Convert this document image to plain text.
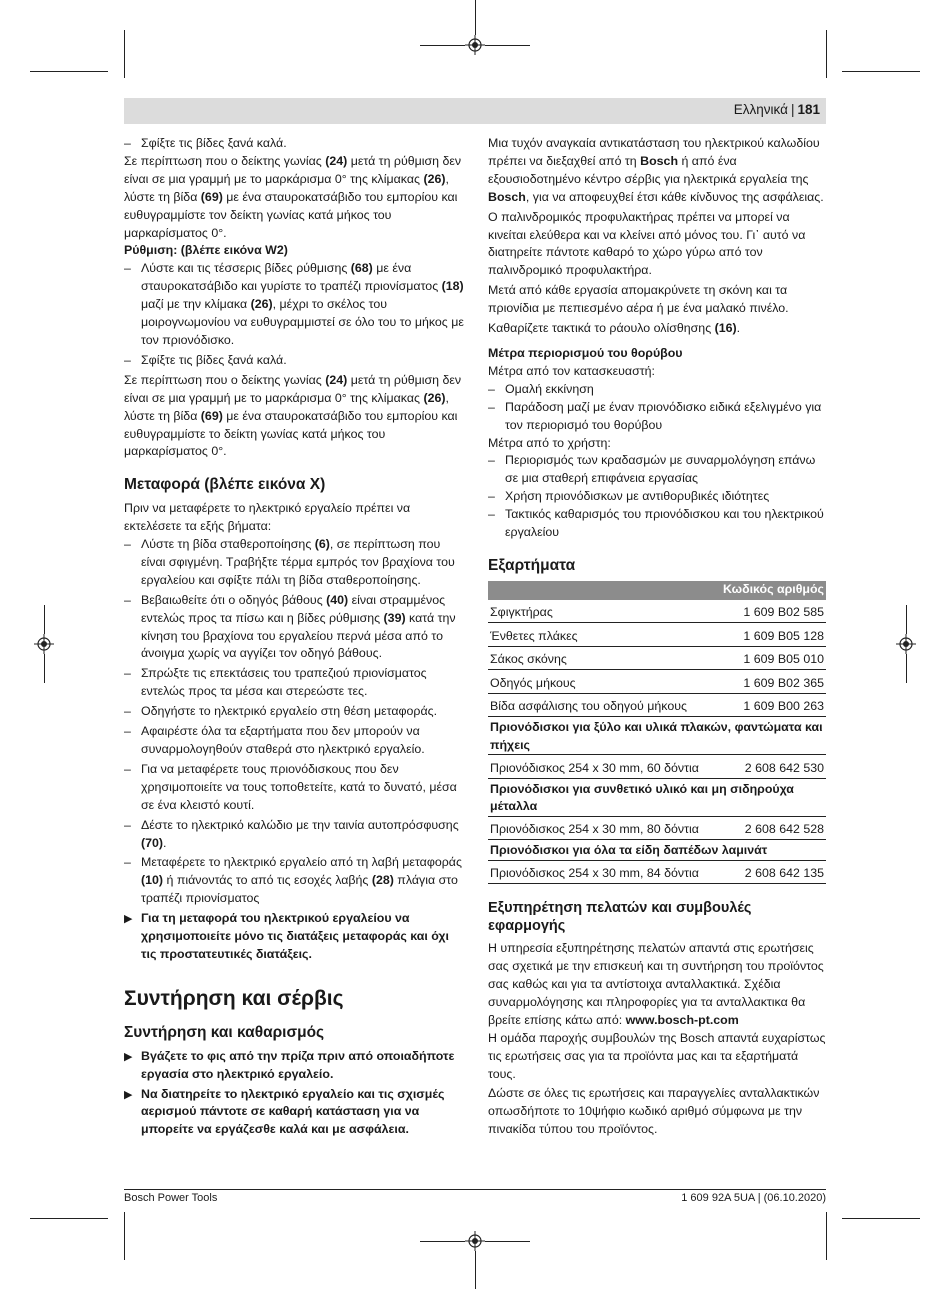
Ελληνικά | 181

– Σφίξτε τις βίδες ξανά καλά.

Σε περίπτωση που ο δείκτης γωνίας (24) μετά τη ρύθμιση δεν είναι σε μια γραμμή με το μαρκάρισμα 0° της κλίμακας (26), λύστε τη βίδα (69) με ένα σταυροκατσάβιδο του εμπορίου και ευθυγραμμίστε τον δείκτη γωνίας κατά μήκος του μαρκαρίσματος 0°.

Ρύθμιση: (βλέπε εικόνα W2)

– Λύστε και τις τέσσερις βίδες ρύθμισης (68) με ένα σταυροκατσάβιδο και γυρίστε το τραπέζι πριονίσματος (18) μαζί με την κλίμακα (26), μέχρι το σκέλος του μοιρογνωμονίου να ευθυγραμμιστεί σε όλο του το μήκος με τον πριονόδισκο.

– Σφίξτε τις βίδες ξανά καλά.

Σε περίπτωση που ο δείκτης γωνίας (24) μετά τη ρύθμιση δεν είναι σε μια γραμμή με το μαρκάρισμα 0° της κλίμακας (26), λύστε τη βίδα (69) με ένα σταυροκατσάβιδο του εμπορίου και ευθυγραμμίστε το δείκτη γωνίας κατά μήκος του μαρκαρίσματος 0°.

Μεταφορά (βλέπε εικόνα X)

Πριν να μεταφέρετε το ηλεκτρικό εργαλείο πρέπει να εκτελέσετε τα εξής βήματα:

– Λύστε τη βίδα σταθεροποίησης (6), σε περίπτωση που είναι σφιγμένη. Τραβήξτε τέρμα εμπρός τον βραχίονα του εργαλείου και σφίξτε πάλι τη βίδα σταθεροποίησης.

– Βεβαιωθείτε ότι ο οδηγός βάθους (40) είναι στραμμένος εντελώς προς τα πίσω και η βίδες ρύθμισης (39) κατά την κίνηση του βραχίονα του εργαλείου περνά μέσα από το άνοιγμα χωρίς να αγγίζει τον οδηγό βάθους.

– Σπρώξτε τις επεκτάσεις του τραπεζιού πριονίσματος εντελώς προς τα μέσα και στερεώστε τες.

– Οδηγήστε το ηλεκτρικό εργαλείο στη θέση μεταφοράς.

– Αφαιρέστε όλα τα εξαρτήματα που δεν μπορούν να συναρμολογηθούν σταθερά στο ηλεκτρικό εργαλείο.

– Για να μεταφέρετε τους πριονόδισκους που δεν χρησιμοποιείτε να τους τοποθετείτε, κατά το δυνατό, μέσα σε ένα κλειστό κουτί.

– Δέστε το ηλεκτρικό καλώδιο με την ταινία αυτοπρόσφυσης (70).

– Μεταφέρετε το ηλεκτρικό εργαλείο από τη λαβή μεταφοράς (10) ή πιάνοντάς το από τις εσοχές λαβής (28) πλάγια στο τραπέζι πριονίσματος

▶ Για τη μεταφορά του ηλεκτρικού εργαλείου να χρησιμοποιείτε μόνο τις διατάξεις μεταφοράς και όχι τις προστατευτικές διατάξεις.

Συντήρηση και σέρβις
Συντήρηση και καθαρισμός

▶ Βγάζετε το φις από την πρίζα πριν από οποιαδήποτε εργασία στο ηλεκτρικό εργαλείο.

▶ Να διατηρείτε το ηλεκτρικό εργαλείο και τις σχισμές αερισμού πάντοτε σε καθαρή κατάσταση για να μπορείτε να εργάζεσθε καλά και με ασφάλεια.

Μια τυχόν αναγκαία αντικατάσταση του ηλεκτρικού καλωδίου πρέπει να διεξαχθεί από τη Bosch ή από ένα εξουσιοδοτημένο κέντρο σέρβις για ηλεκτρικά εργαλεία της Bosch, για να αποφευχθεί έτσι κάθε κίνδυνος της ασφάλειας.

Ο παλινδρομικός προφυλακτήρας πρέπει να μπορεί να κινείται ελεύθερα και να κλείνει από μόνος του. Γι᾽ αυτό να διατηρείτε πάντοτε καθαρό το χώρο γύρω από τον παλινδρομικό προφυλακτήρα.

Μετά από κάθε εργασία απομακρύνετε τη σκόνη και τα πριονίδια με πεπιεσμένο αέρα ή με ένα μαλακό πινέλο.

Καθαρίζετε τακτικά το ράουλο ολίσθησης (16).

Μέτρα περιορισμού του θορύβου

Μέτρα από τον κατασκευαστή:

– Ομαλή εκκίνηση

– Παράδοση μαζί με έναν πριονόδισκο ειδικά εξελιγμένο για τον περιορισμό του θορύβου

Μέτρα από το χρήστη:

– Περιορισμός των κραδασμών με συναρμολόγηση επάνω σε μια σταθερή επιφάνεια εργασίας

– Χρήση πριονόδισκων με αντιθορυβικές ιδιότητες

– Τακτικός καθαρισμός του πριονόδισκου και του ηλεκτρικού εργαλείου

Εξαρτήματα
	Κωδικός αριθμός
Σφιγκτήρας	1 609 B02 585
Ένθετες πλάκες	1 609 B05 128
Σάκος σκόνης	1 609 B05 010
Οδηγός μήκους	1 609 B02 365
Βίδα ασφάλισης του οδηγού μήκους	1 609 B00 263
Πριονόδισκοι για ξύλο και υλικά πλακών, φαντώματα και πήχεις	
Πριονόδισκος 254 x 30 mm, 60 δόντια	2 608 642 530
Πριονόδισκοι για συνθετικό υλικό και μη σιδηρούχα μέταλλα	
Πριονόδισκος 254 x 30 mm, 80 δόντια	2 608 642 528
Πριονόδισκοι για όλα τα είδη δαπέδων λαμινάτ	
Πριονόδισκος 254 x 30 mm, 84 δόντια	2 608 642 135
Εξυπηρέτηση πελατών και συμβουλές εφαρμογής

Η υπηρεσία εξυπηρέτησης πελατών απαντά στις ερωτήσεις σας σχετικά με την επισκευή και τη συντήρηση του προϊόντος σας καθώς και για τα αντίστοιχα ανταλλακτικά. Σχέδια συναρμολόγησης και πληροφορίες για τα ανταλλακτικα θα βρείτε επίσης κάτω από: www.bosch-pt.com

Η ομάδα παροχής συμβουλών της Bosch απαντά ευχαρίστως τις ερωτήσεις σας για τα προϊόντα μας και τα εξαρτήματά τους.

Δώστε σε όλες τις ερωτήσεις και παραγγελίες ανταλλακτικών οπωσδήποτε το 10ψήφιο κωδικό αριθμό σύμφωνα με την πινακίδα τύπου του προϊόντος.

Bosch Power Tools	1 609 92A 5UA | (06.10.2020)
